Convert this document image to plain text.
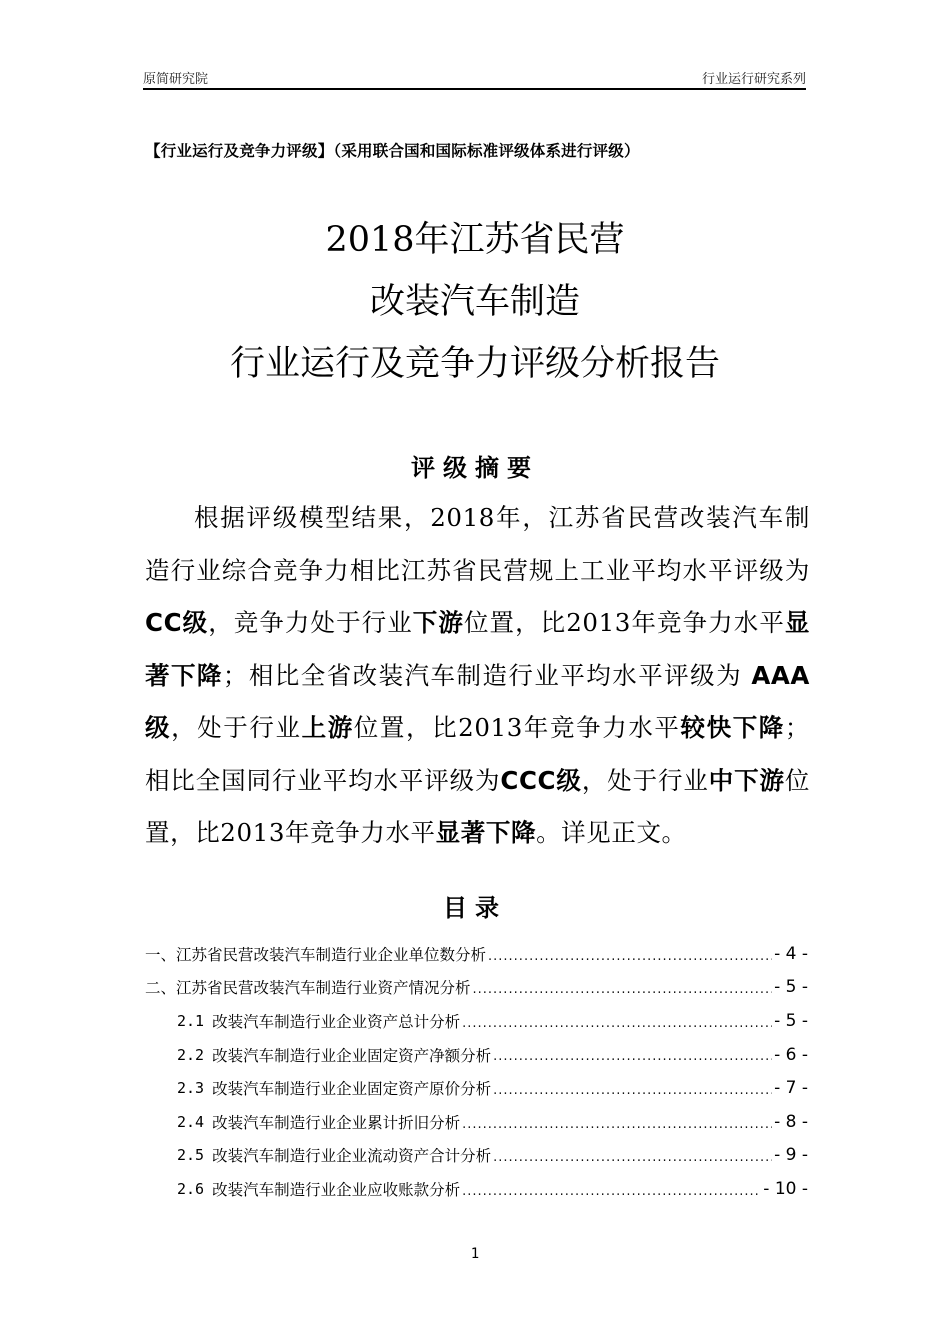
原简研究院	行业运行研究系列
【行业运行及竞争力评级】（采用联合国和国际标准评级体系进行评级）
2018年江苏省民营
改装汽车制造
行业运行及竞争力评级分析报告
评级摘要
根据评级模型结果，2018年，江苏省民营改装汽车制造行业综合竞争力相比江苏省民营规上工业平均水平评级为CC级，竞争力处于行业下游位置，比2013年竞争力水平显著下降；相比全省改装汽车制造行业平均水平评级为 AAA级，处于行业上游位置，比2013年竞争力水平较快下降；相比全国同行业平均水平评级为CCC级，处于行业中下游位置，比2013年竞争力水平显著下降。详见正文。
目录
一、江苏省民营改装汽车制造行业企业单位数分析 .....	- 4 -
二、江苏省民营改装汽车制造行业资产情况分析 .....	- 5 -
2.1 改装汽车制造行业企业资产总计分析 .....	- 5 -
2.2 改装汽车制造行业企业固定资产净额分析 .....	- 6 -
2.3 改装汽车制造行业企业固定资产原价分析 .....	- 7 -
2.4 改装汽车制造行业企业累计折旧分析 .....	- 8 -
2.5 改装汽车制造行业企业流动资产合计分析 .....	- 9 -
2.6 改装汽车制造行业企业应收账款分析 .....	- 10 -
1
